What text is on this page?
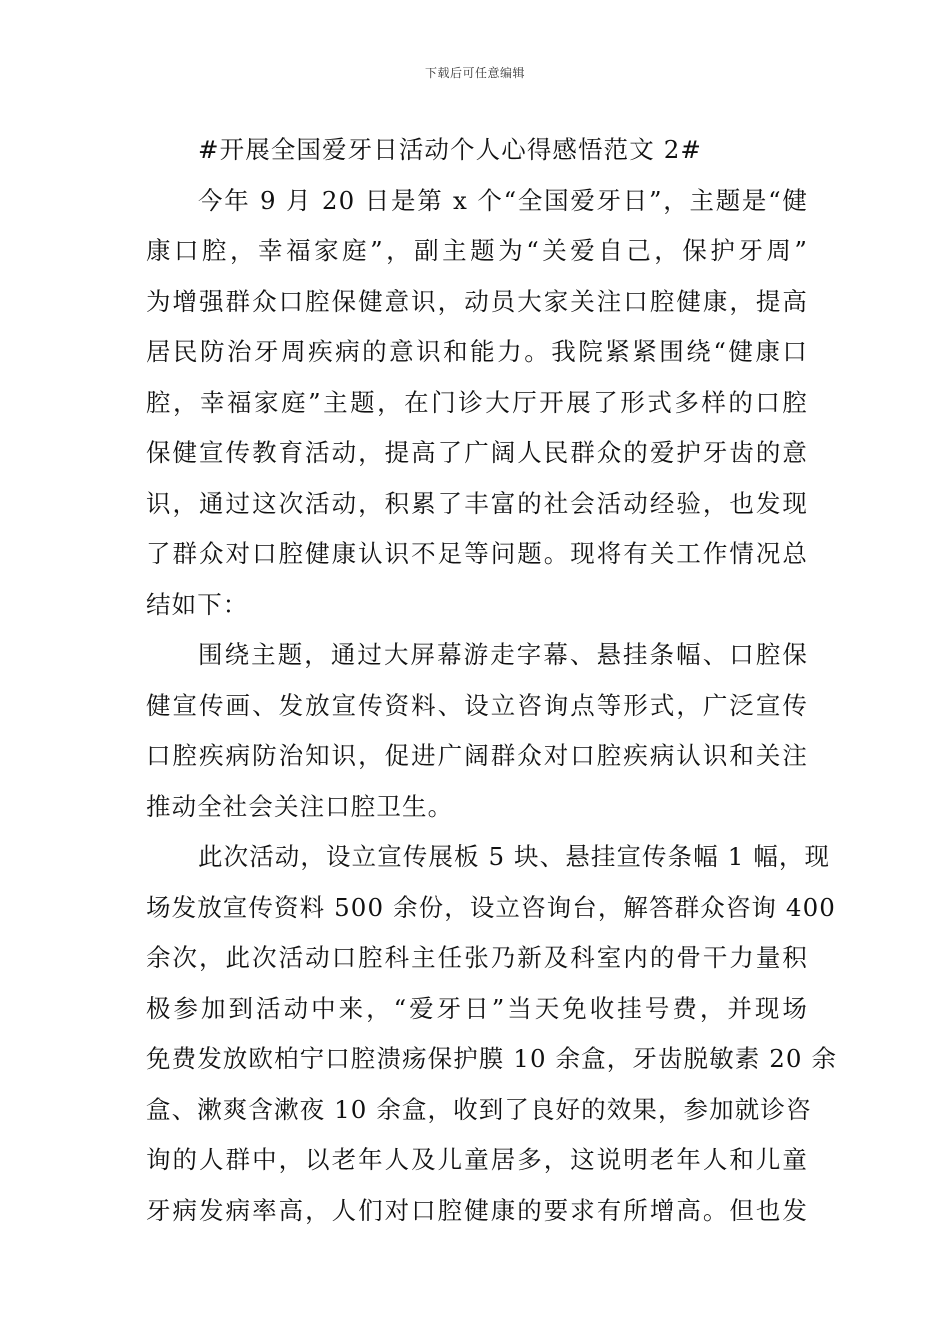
下载后可任意编辑
#开展全国爱牙日活动个人心得感悟范文 2#
今年 9 月 20 日是第 x 个“全国爱牙日”，主题是“健
康口腔，幸福家庭”，副主题为“关爱自己，保护牙周”
为增强群众口腔保健意识，动员大家关注口腔健康，提高
居民防治牙周疾病的意识和能力。我院紧紧围绕“健康口
腔，幸福家庭”主题，在门诊大厅开展了形式多样的口腔
保健宣传教育活动，提高了广阔人民群众的爱护牙齿的意
识，通过这次活动，积累了丰富的社会活动经验，也发现
了群众对口腔健康认识不足等问题。现将有关工作情况总
结如下：
围绕主题，通过大屏幕游走字幕、悬挂条幅、口腔保
健宣传画、发放宣传资料、设立咨询点等形式，广泛宣传
口腔疾病防治知识，促进广阔群众对口腔疾病认识和关注
推动全社会关注口腔卫生。
此次活动，设立宣传展板 5 块、悬挂宣传条幅 1 幅，现
场发放宣传资料 500 余份，设立咨询台，解答群众咨询 400
余次，此次活动口腔科主任张乃新及科室内的骨干力量积
极参加到活动中来，“爱牙日”当天免收挂号费，并现场
免费发放欧柏宁口腔溃疡保护膜 10 余盒，牙齿脱敏素 20 余
盒、漱爽含漱夜 10 余盒，收到了良好的效果，参加就诊咨
询的人群中，以老年人及儿童居多，这说明老年人和儿童
牙病发病率高，人们对口腔健康的要求有所增高。但也发
